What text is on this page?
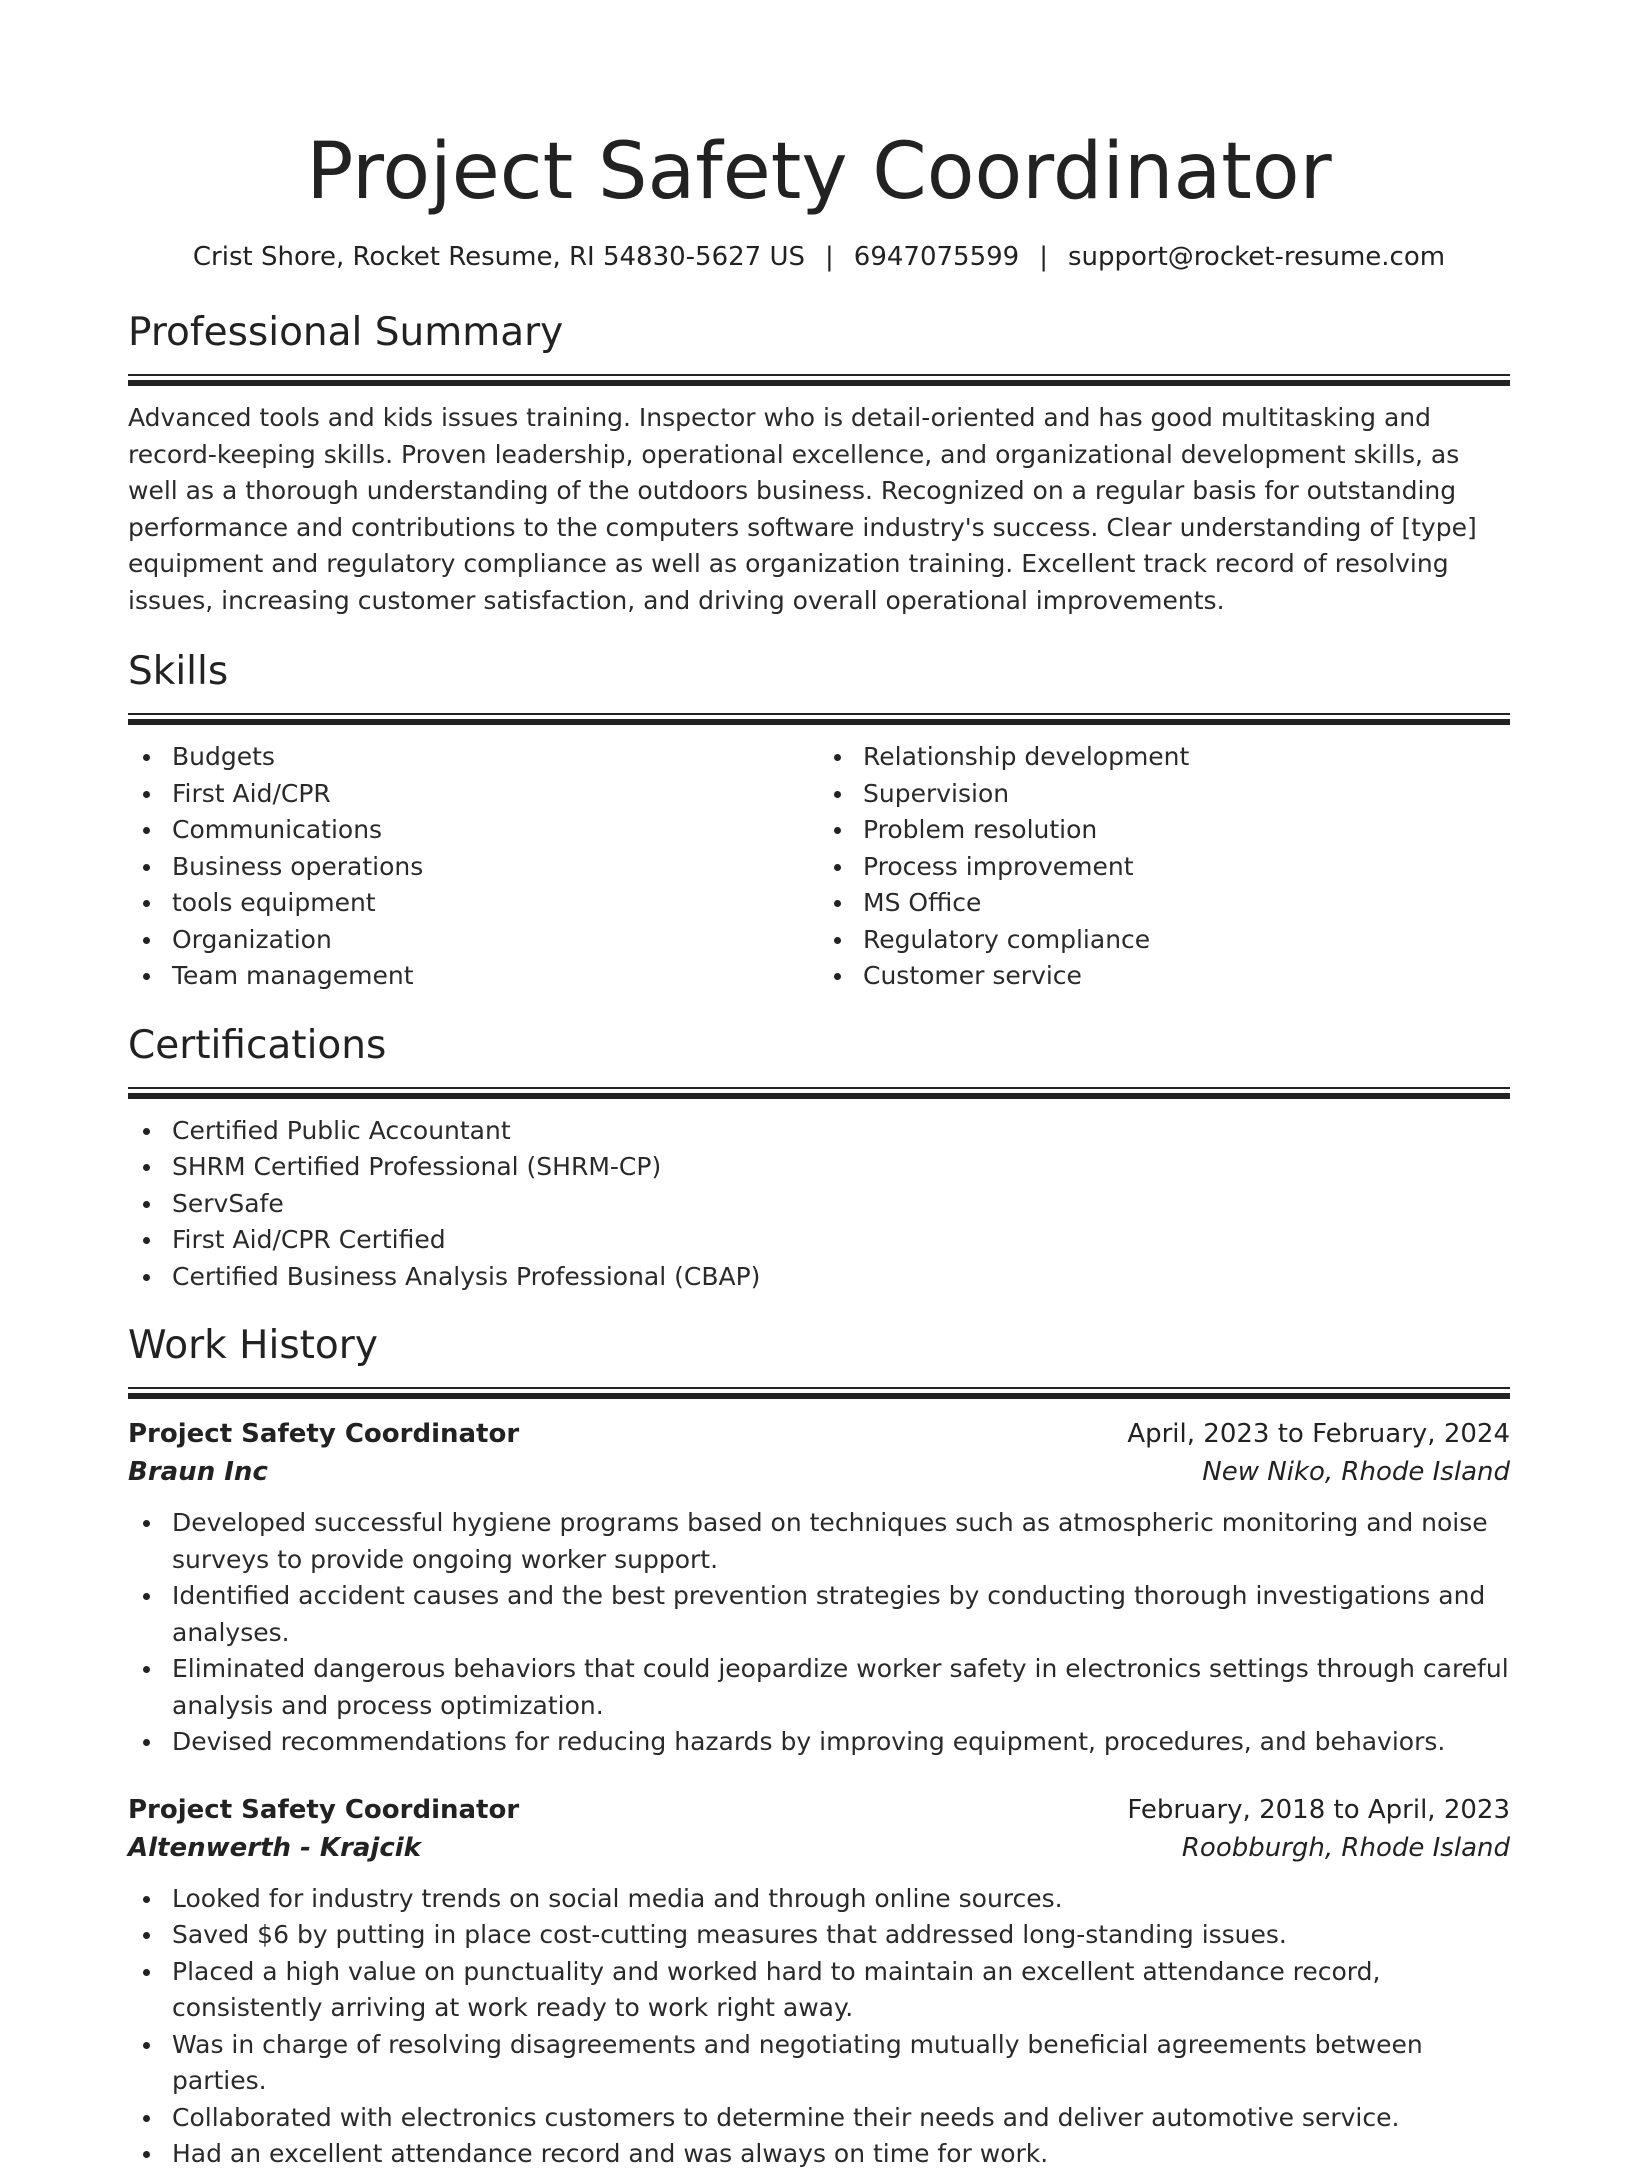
Project Safety Coordinator
Crist Shore, Rocket Resume, RI 54830-5627 US | 6947075599 | support@rocket-resume.com
Professional Summary

Advanced tools and kids issues training. Inspector who is detail-oriented and has good multitasking and record-keeping skills. Proven leadership, operational excellence, and organizational development skills, as well as a thorough understanding of the outdoors business. Recognized on a regular basis for outstanding performance and contributions to the computers software industry's success. Clear understanding of [type] equipment and regulatory compliance as well as organization training. Excellent track record of resolving issues, increasing customer satisfaction, and driving overall operational improvements.

Skills
Budgets
First Aid/CPR
Communications
Business operations
tools equipment
Organization
Team management
Relationship development
Supervision
Problem resolution
Process improvement
MS Office
Regulatory compliance
Customer service
Certifications
Certified Public Accountant
SHRM Certified Professional (SHRM-CP)
ServSafe
First Aid/CPR Certified
Certified Business Analysis Professional (CBAP)
Work History
Project Safety Coordinator	April, 2023 to February, 2024
Braun Inc	New Niko, Rhode Island
Developed successful hygiene programs based on techniques such as atmospheric monitoring and noise surveys to provide ongoing worker support.
Identified accident causes and the best prevention strategies by conducting thorough investigations and analyses.
Eliminated dangerous behaviors that could jeopardize worker safety in electronics settings through careful analysis and process optimization.
Devised recommendations for reducing hazards by improving equipment, procedures, and behaviors.
Project Safety Coordinator	February, 2018 to April, 2023
Altenwerth - Krajcik	Roobburgh, Rhode Island
Looked for industry trends on social media and through online sources.
Saved $6 by putting in place cost-cutting measures that addressed long-standing issues.
Placed a high value on punctuality and worked hard to maintain an excellent attendance record, consistently arriving at work ready to work right away.
Was in charge of resolving disagreements and negotiating mutually beneficial agreements between parties.
Collaborated with electronics customers to determine their needs and deliver automotive service.
Had an excellent attendance record and was always on time for work.
